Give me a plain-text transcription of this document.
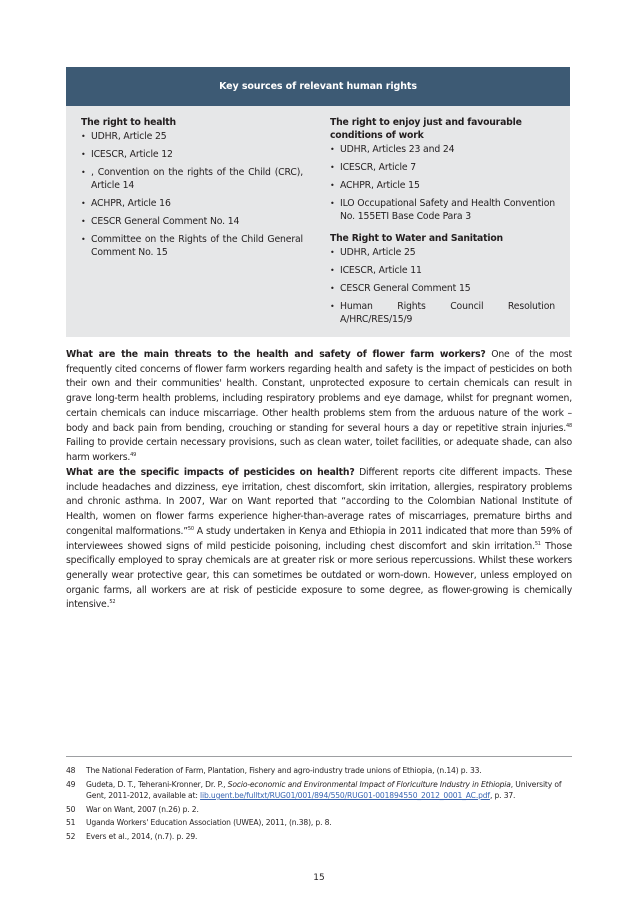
Key sources of relevant human rights
The right to health
• UDHR, Article 25
• ICESCR, Article 12
• , Convention on the rights of the Child (CRC), Article 14
• ACHPR, Article 16
• CESCR General Comment No. 14
• Committee on the Rights of the Child General Comment No. 15
The right to enjoy just and favourable conditions of work
• UDHR, Articles 23 and 24
• ICESCR, Article 7
• ACHPR, Article 15
• ILO Occupational Safety and Health Convention No. 155ETI Base Code Para 3
The Right to Water and Sanitation
• UDHR, Article 25
• ICESCR, Article 11
• CESCR General Comment 15
• Human Rights Council Resolution A/HRC/RES/15/9

What are the main threats to the health and safety of flower farm workers? One of the most frequently cited concerns of flower farm workers regarding health and safety is the impact of pesticides on both their own and their communities' health. Constant, unprotected exposure to certain chemicals can result in grave long-term health problems, including respiratory problems and eye damage, whilst for pregnant women, certain chemicals can induce miscarriage. Other health problems stem from the arduous nature of the work – body and back pain from bending, crouching or standing for several hours a day or repetitive strain injuries.$^{48}$ Failing to provide certain necessary provisions, such as clean water, toilet facilities, or adequate shade, can also harm workers.$^{49}$

What are the specific impacts of pesticides on health? Different reports cite different impacts. These include headaches and dizziness, eye irritation, chest discomfort, skin irritation, allergies, respiratory problems and chronic asthma. In 2007, War on Want reported that “according to the Colombian National Institute of Health, women on flower farms experience higher-than-average rates of miscarriages, premature births and congenital malformations.”$^{50}$ A study undertaken in Kenya and Ethiopia in 2011 indicated that more than 59% of interviewees showed signs of mild pesticide poisoning, including chest discomfort and skin irritation.$^{51}$ Those specifically employed to spray chemicals are at greater risk or more serious repercussions. Whilst these workers generally wear protective gear, this can sometimes be outdated or worn-down. However, unless employed on organic farms, all workers are at risk of pesticide exposure to some degree, as flower-growing is chemically intensive.$^{52}$

48	The National Federation of Farm, Plantation, Fishery and agro-industry trade unions of Ethiopia, (n.14) p. 33.
49	Gudeta, D. T., Teherani-Kronner, Dr. P., Socio-economic and Environmental Impact of Floriculture Industry in Ethiopia, University of Gent, 2011-2012, available at: lib.ugent.be/fulltxt/RUG01/001/894/550/RUG01-001894550_2012_0001_AC.pdf, p. 37.
50	War on Want, 2007 (n.26) p. 2.
51	Uganda Workers' Education Association (UWEA), 2011, (n.38), p. 8.
52	Evers et al., 2014, (n.7). p. 29.
15
